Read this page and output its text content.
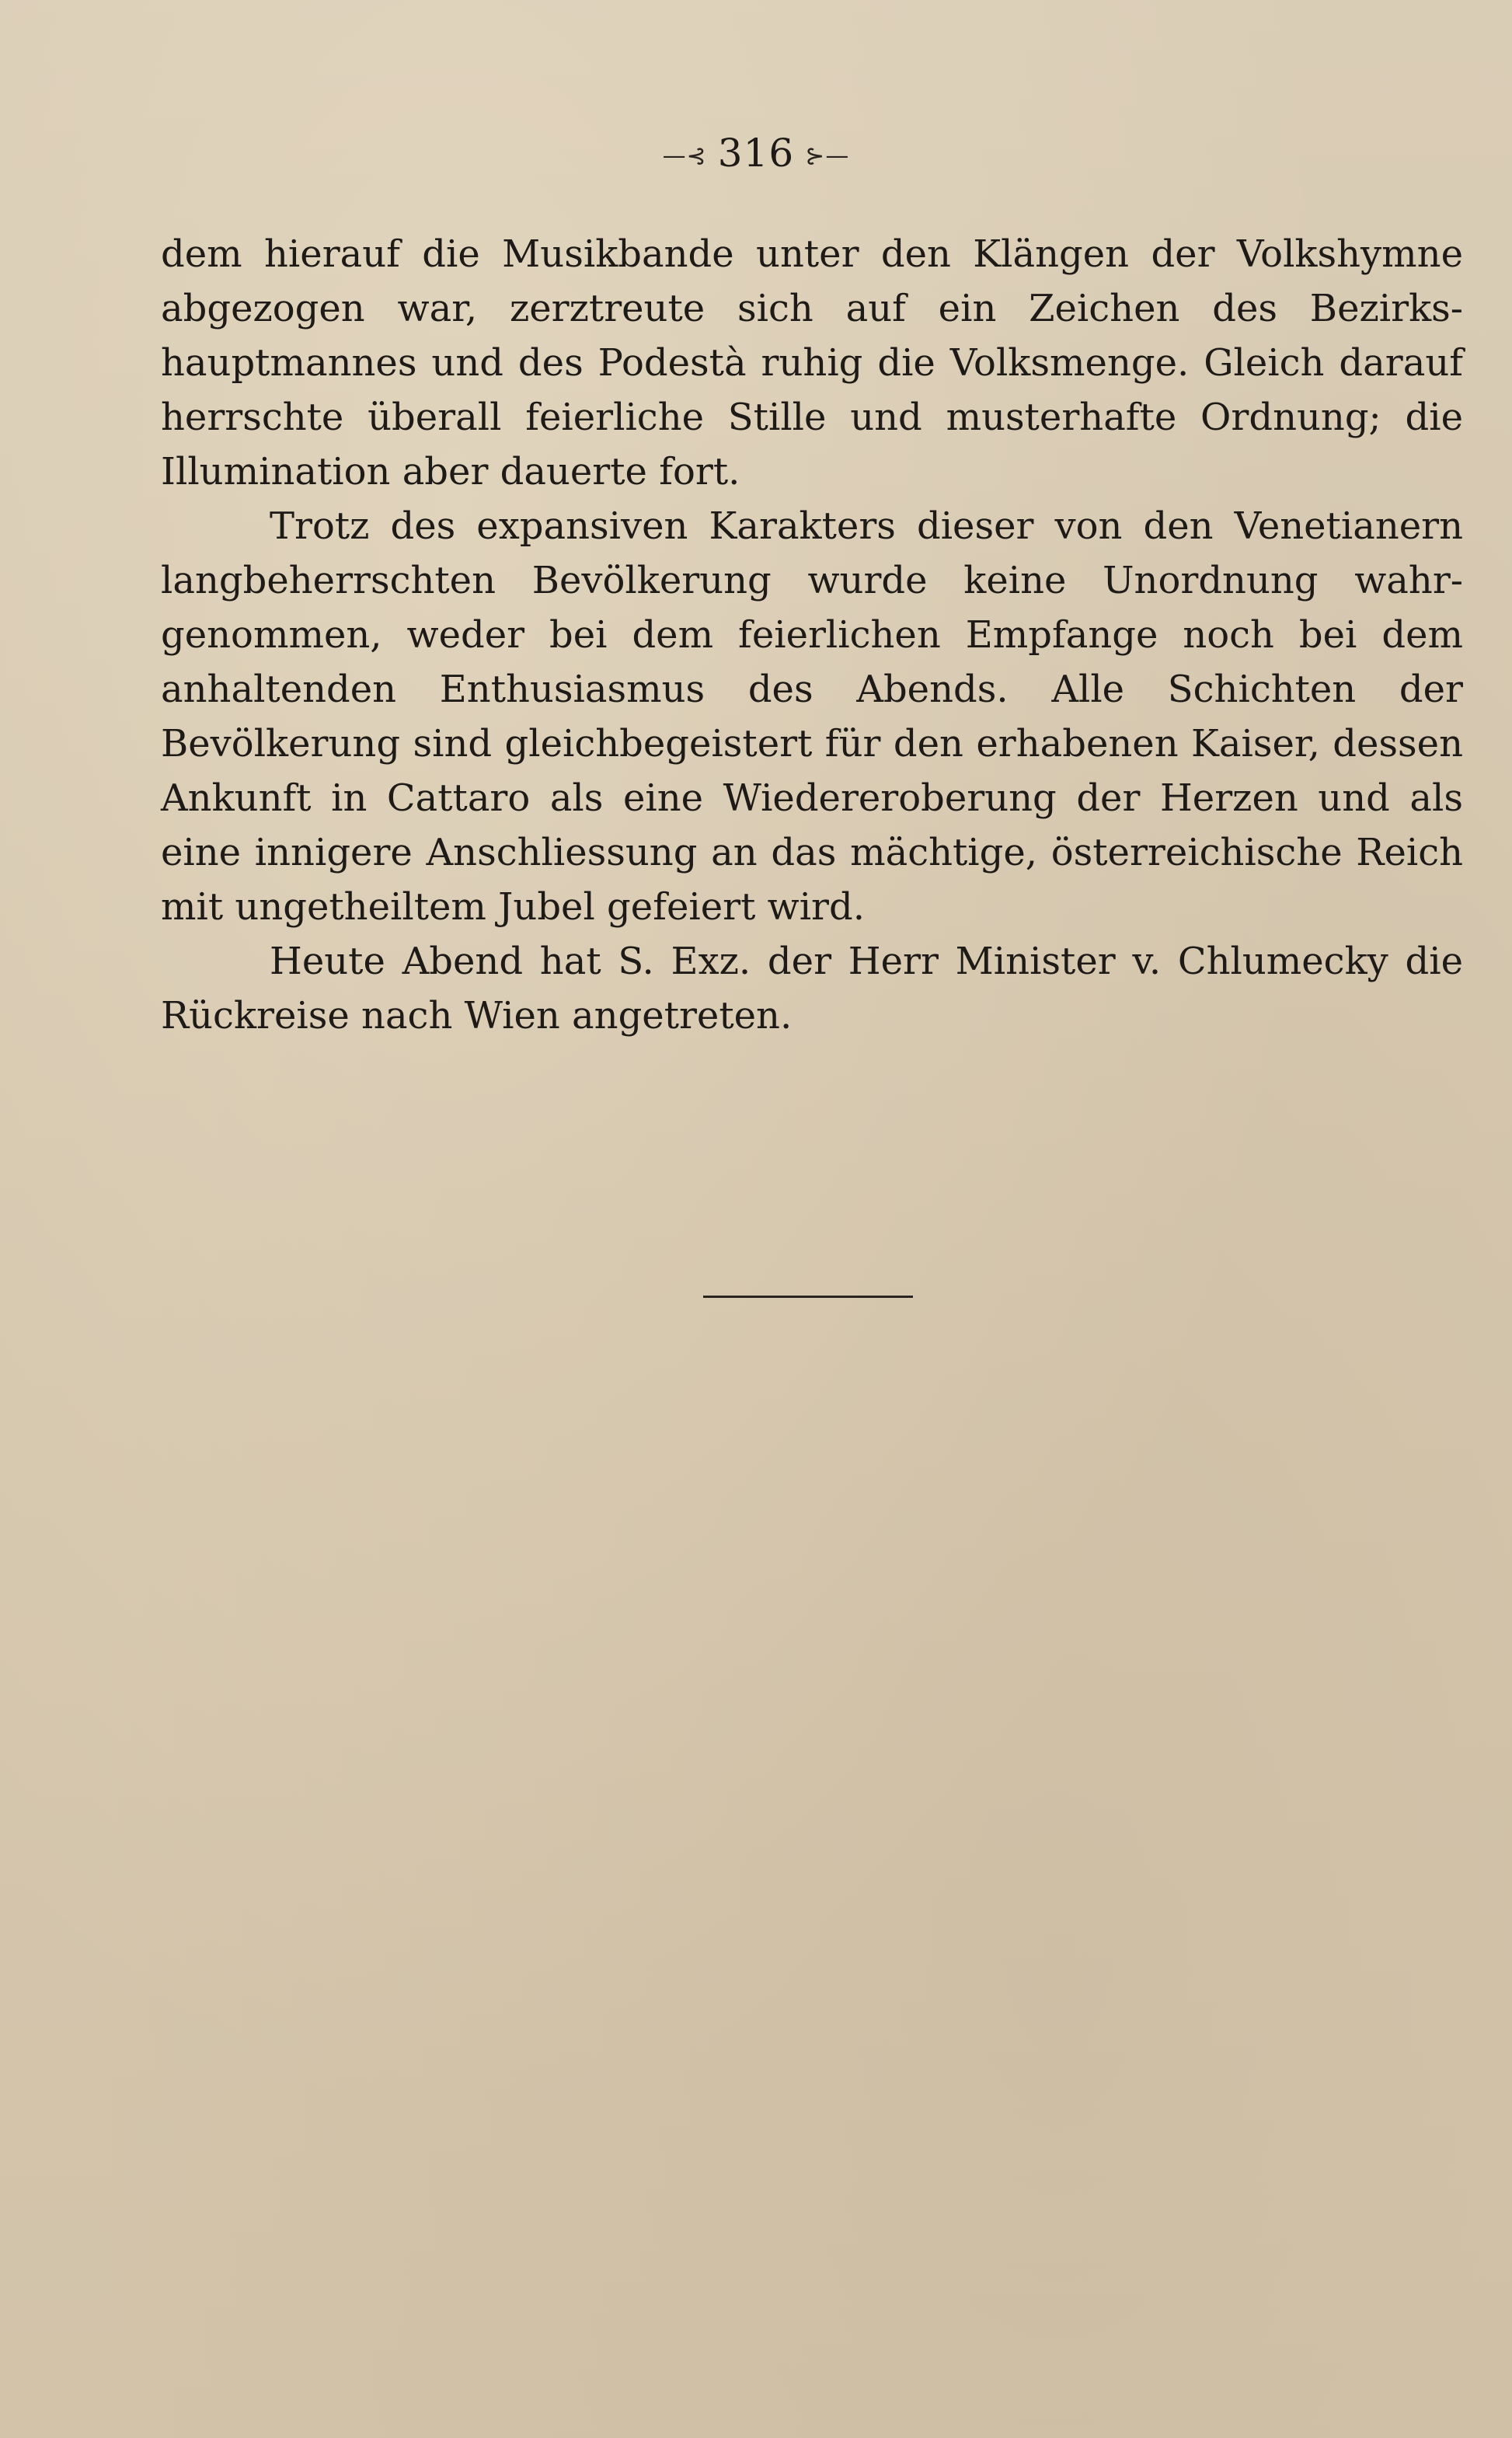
—⊰ 316 ⊱—

dem hierauf die Musikbande unter den Klängen der Volkshymne abgezogen war, zerztreute sich auf ein Zeichen des Bezirkshauptmannes und des Podestà ruhig die Volksmenge. Gleich darauf herrschte überall feierliche Stille und musterhafte Ordnung; die Illumination aber dauerte fort.

Trotz des expansiven Karakters dieser von den Venetianern langbeherrschten Bevölkerung wurde keine Unordnung wahrgenommen, weder bei dem feierlichen Empfange noch bei dem anhaltenden Enthusiasmus des Abends. Alle Schichten der Bevölkerung sind gleichbegeistert für den erhabenen Kaiser, dessen Ankunft in Cattaro als eine Wiedereroberung der Herzen und als eine innigere Anschliessung an das mächtige, österreichische Reich mit ungetheiltem Jubel gefeiert wird.

Heute Abend hat S. Exz. der Herr Minister v. Chlumecky die Rückreise nach Wien angetreten.
